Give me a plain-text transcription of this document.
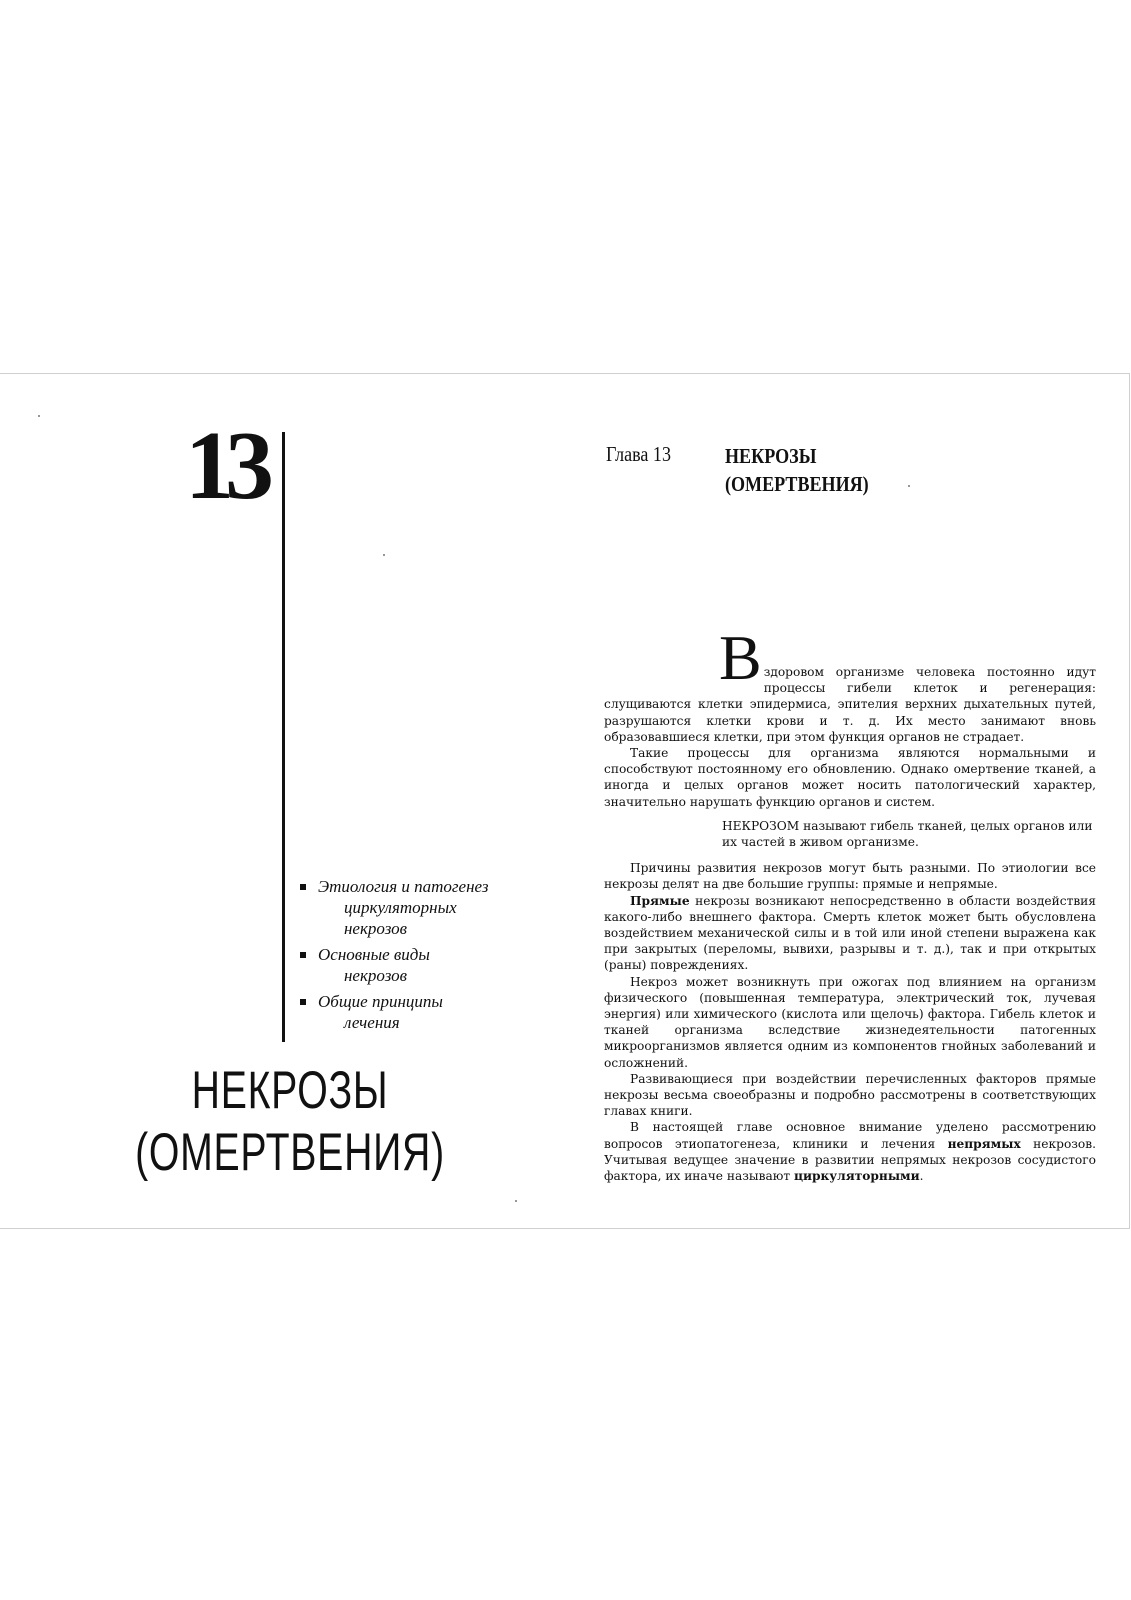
13
Этиология и патогенез
циркуляторных
некрозов
Основные виды
некрозов
Общие принципы
лечения
НЕКРОЗЫ
(ОМЕРТВЕНИЯ)
Глава 13	НЕКРОЗЫ
(ОМЕРТВЕНИЯ)

В здоровом организме человека постоянно идут процессы гибели клеток и регенерация: слущиваются клетки эпидермиса, эпителия верхних дыхательных путей, разрушаются клетки крови и т. д. Их место занимают вновь образовавшиеся клетки, при этом функция органов не страдает.

Такие процессы для организма являются нормальными и способствуют постоянному его обновлению. Однако омертвение тканей, а иногда и целых органов может носить патологический характер, значительно нарушать функцию органов и систем.

НЕКРОЗОМ называют гибель тканей, целых органов или их частей в живом организме.

Причины развития некрозов могут быть разными. По этиологии все некрозы делят на две большие группы: прямые и непрямые.

Прямые некрозы возникают непосредственно в области воздействия какого-либо внешнего фактора. Смерть клеток может быть обусловлена воздействием механической силы и в той или иной степени выражена как при закрытых (переломы, вывихи, разрывы и т. д.), так и при открытых (раны) повреждениях.

Некроз может возникнуть при ожогах под влиянием на организм физического (повышенная температура, электрический ток, лучевая энергия) или химического (кислота или щелочь) фактора. Гибель клеток и тканей организма вследствие жизнедеятельности патогенных микроорганизмов является одним из компонентов гнойных заболеваний и осложнений.

Развивающиеся при воздействии перечисленных факторов прямые некрозы весьма своеобразны и подробно рассмотрены в соответствующих главах книги.

В настоящей главе основное внимание уделено рассмотрению вопросов этиопатогенеза, клиники и лечения непрямых некрозов. Учитывая ведущее значение в развитии непрямых некрозов сосудистого фактора, их иначе называют циркуляторными.
